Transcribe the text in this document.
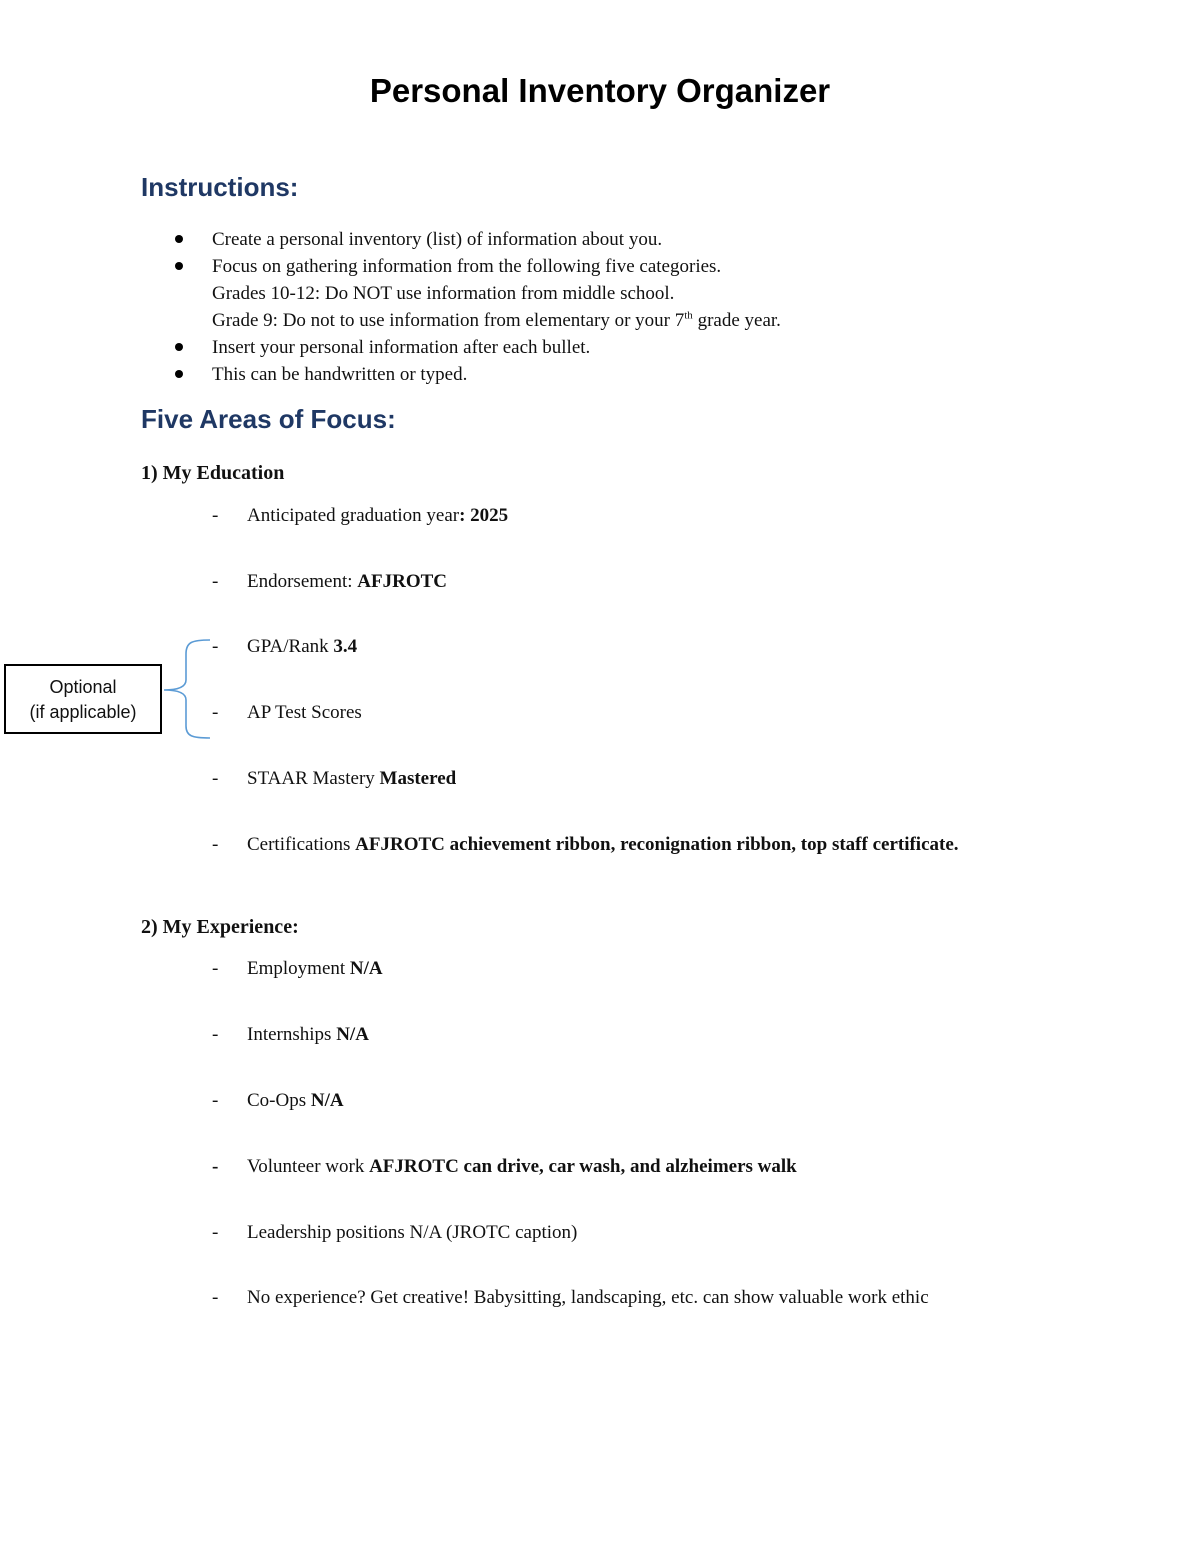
Personal Inventory Organizer
Instructions:
Create a personal inventory (list) of information about you.
Focus on gathering information from the following five categories.
Grades 10-12: Do NOT use information from middle school.
Grade 9: Do not to use information from elementary or your 7th grade year.
Insert your personal information after each bullet.
This can be handwritten or typed.
Five Areas of Focus:
1) My Education
- Anticipated graduation year: 2025
- Endorsement: AFJROTC
- GPA/Rank 3.4
- AP Test Scores
- STAAR Mastery Mastered
- Certifications AFJROTC achievement ribbon, reconignation ribbon, top staff certificate.
Optional
(if applicable)
2) My Experience:
- Employment N/A
- Internships N/A
- Co-Ops N/A
- Volunteer work AFJROTC can drive, car wash, and alzheimers walk
- Leadership positions N/A (JROTC caption)
- No experience? Get creative! Babysitting, landscaping, etc. can show valuable work ethic
